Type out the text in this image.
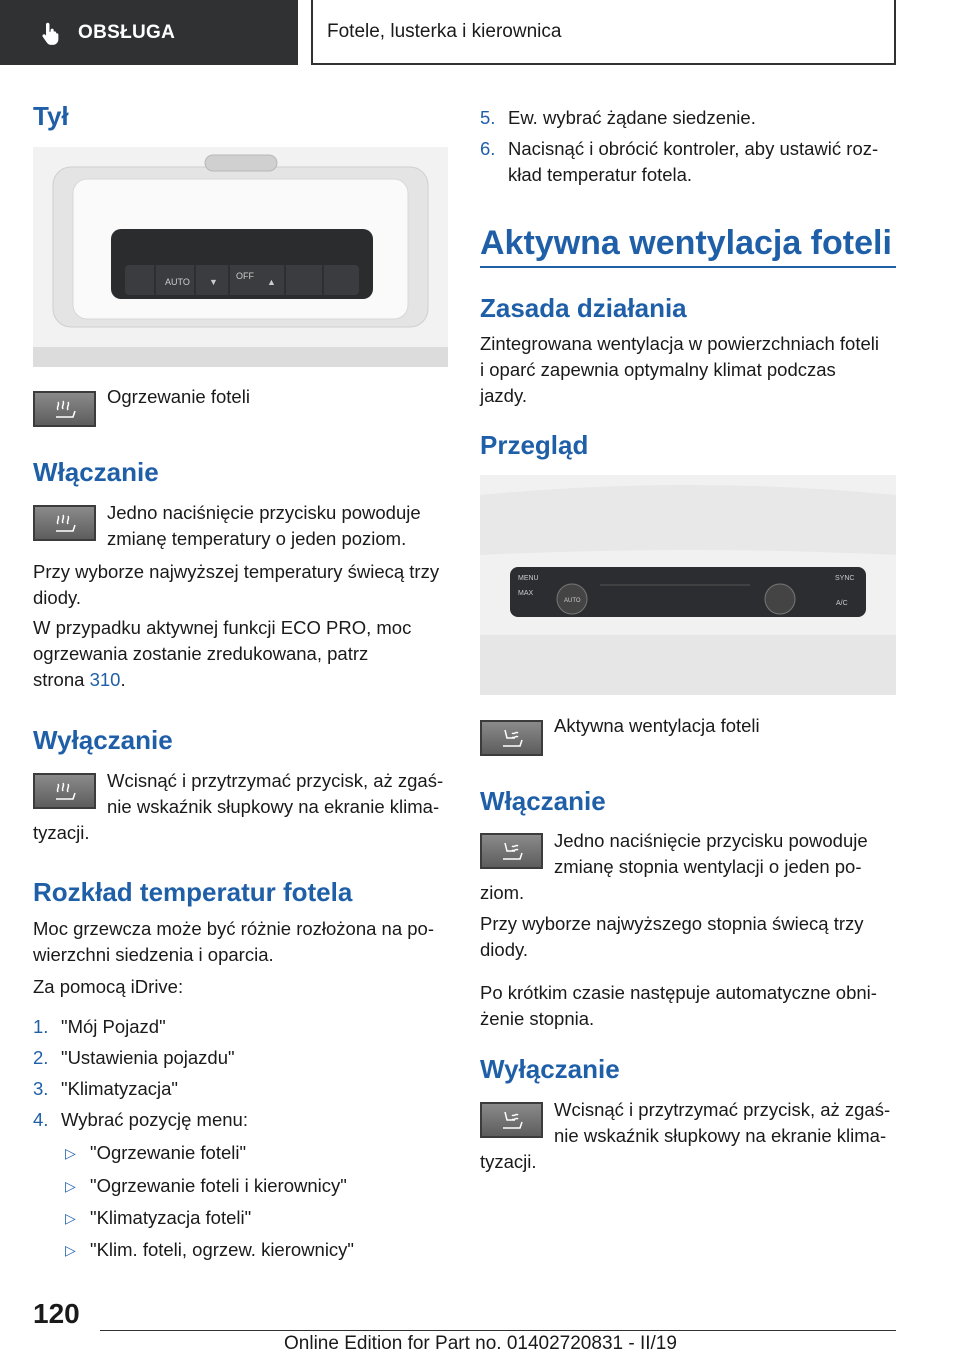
OBSŁUGA	Fotele, lusterka i kierownica
Tył
AUTO
OFF
▼	▲
Ogrzewanie foteli
Włączanie
Jedno naciśnięcie przycisku powoduje zmianę temperatury o jeden poziom.
Przy wyborze najwyższej temperatury świecą trzy
diody.
W przypadku aktywnej funkcji ECO PRO, moc
ogrzewania zostanie zredukowana, patrz
strona 310.
Wyłączanie
Wcisnąć i przytrzymać przycisk, aż zgaś-
nie wskaźnik słupkowy na ekranie klima-
tyzacji.
Rozkład temperatur fotela
Moc grzewcza może być różnie rozłożona na po-
wierzchni siedzenia i oparcia.
Za pomocą iDrive:
1. "Mój Pojazd"
2. "Ustawienia pojazdu"
3. "Klimatyzacja"
4. Wybrać pozycję menu:
▷ "Ogrzewanie foteli"
▷ "Ogrzewanie foteli i kierownicy"
▷ "Klimatyzacja foteli"
▷ "Klim. foteli, ogrzew. kierownicy"
5. Ew. wybrać żądane siedzenie.
6. Nacisnąć i obrócić kontroler, aby ustawić roz-
kład temperatur fotela.
Aktywna wentylacja foteli
Zasada działania
Zintegrowana wentylacja w powierzchniach foteli
i oparć zapewnia optymalny klimat podczas
jazdy.
Przegląd
MENU
MAX
AUTO
SYNC
A/C
Aktywna wentylacja foteli
Włączanie
Jedno naciśnięcie przycisku powoduje
zmianę stopnia wentylacji o jeden po-
ziom.
Przy wyborze najwyższego stopnia świecą trzy
diody.
Po krótkim czasie następuje automatyczne obni-
żenie stopnia.
Wyłączanie
Wcisnąć i przytrzymać przycisk, aż zgaś-
nie wskaźnik słupkowy na ekranie klima-
tyzacji.
120
Online Edition for Part no. 01402720831 - II/19
